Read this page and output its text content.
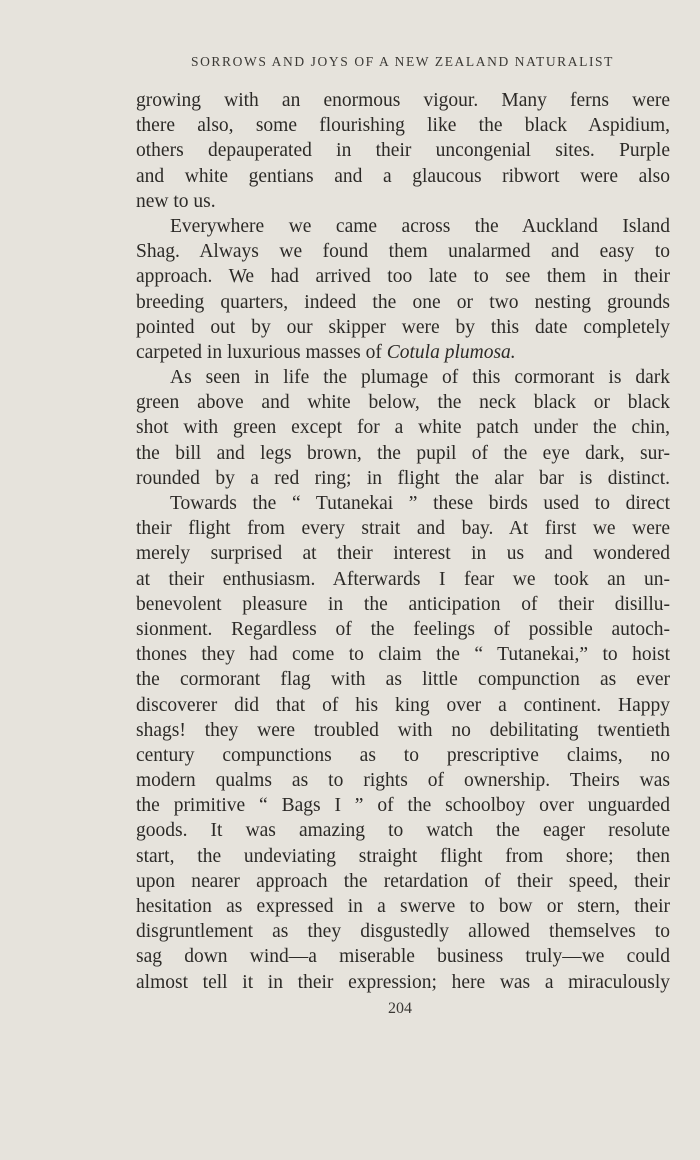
SORROWS AND JOYS OF A NEW ZEALAND NATURALIST
growing with an enormous vigour. Many ferns were
there also, some flourishing like the black Aspidium,
others depauperated in their uncongenial sites. Purple
and white gentians and a glaucous ribwort were also
new to us.
Everywhere we came across the Auckland Island
Shag. Always we found them unalarmed and easy to
approach. We had arrived too late to see them in their
breeding quarters, indeed the one or two nesting grounds
pointed out by our skipper were by this date completely
carpeted in luxurious masses of Cotula plumosa.
As seen in life the plumage of this cormorant is dark
green above and white below, the neck black or black
shot with green except for a white patch under the chin,
the bill and legs brown, the pupil of the eye dark, sur-
rounded by a red ring; in flight the alar bar is distinct.
Towards the “ Tutanekai ” these birds used to direct
their flight from every strait and bay. At first we were
merely surprised at their interest in us and wondered
at their enthusiasm. Afterwards I fear we took an un-
benevolent pleasure in the anticipation of their disillu-
sionment. Regardless of the feelings of possible autoch-
thones they had come to claim the “ Tutanekai,” to hoist
the cormorant flag with as little compunction as ever
discoverer did that of his king over a continent. Happy
shags! they were troubled with no debilitating twentieth
century compunctions as to prescriptive claims, no
modern qualms as to rights of ownership. Theirs was
the primitive “ Bags I ” of the schoolboy over unguarded
goods. It was amazing to watch the eager resolute
start, the undeviating straight flight from shore; then
upon nearer approach the retardation of their speed, their
hesitation as expressed in a swerve to bow or stern, their
disgruntlement as they disgustedly allowed themselves to
sag down wind—a miserable business truly—we could
almost tell it in their expression; here was a miraculously
204
